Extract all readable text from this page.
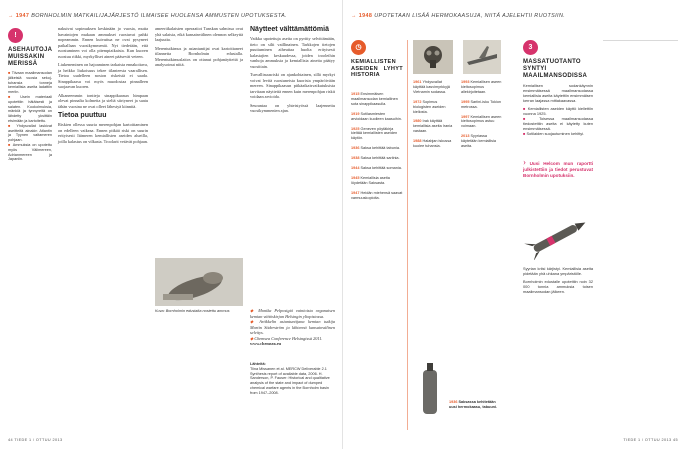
→ 1947 BORNHOLMIN MATKAILIJAJÄRJESTÖ ILMAISEE HUOLENSA AMMUSTEN UPOTUKSESTA.
!
ASEHAUTOJA MUISSAKIN MERISSÄ
■ Tiivaan maailmansodan jälkeisiä vuosia sekojtuhansia tonneja kemiallisia aseita ladattiin meriin.
■ Usein materiaali upotettiin hätäisesti ja salaten. Kookolmuksia, mänkiä ja tynnyreitä on lähdetty yksittäin etsimään ja kartoitettu.
■ Yhdysvallat laskivat aseitteitä ainakin Atlantin ja Tyynen valtameren pohjaan.
■ Ammuksia on upotettu myös Välimereen, Adrianmereen ja Japaniin.

nakuivat sopimuksen keskinään jo vuosia, mutta havaintojen mukaan ammukset ruostuvat pahki nopeammin. Ennen kuivuttua ne ovat pysyneet paikallaan vuosikymmeniä. Nyt tiedetään, että ruostuminen voi olla pitempiaikaista. Kun kuoren ruostuu riikki, myrkylliset aineet pääsevät veteen.

Liukeneminen on hajoaminen tarkaista ennakoitava, ja heikko liukoisuus tekee tilanteesta vaarallisen. Tietoa uudelleen noston riskeistä ei saada. Sinappikaasu voi myös muodostaa pinnalleen suojaavan kuoren.

Alkaneemmin tontteja sinappikaasun himpaan olevat pinnalta kolmetta ja sieltä siirtyneet ja saatu tähän vuosina ne ovat olleet lähestyä kiinnitä.

Tietoa puuttuu

Riskien ollessa suuria merenpohjan kartoittaminen on edelleen vaikeaa. Ennen pitkää riski on suurin erityisesti Itämeren kemiallisten aseiden alueilla, joilla kalastus on vilkasta. Troolarit vetävät pohjaan.

ameeriikalaisten operaatiot Tanskan salmissa ovat yhä salaisia, eikä kansainvälinen olennon selkeyttä laajuutta.

Merentutkimus ja asiantuntijat ovat kartoittaneet tilannetta Bornholmin edustalla. Merentutkimuslaitos on ottanut pohjanäytteitä ja analysoinut niitä.

Näytteet välttämättömiä

Vaikka upotettuja aseita on pyritty selvittämään, tieto on silti vaillinainen. Tarkkojen tietojen puuttuminen aiheuttaa huolta erityisesti kalastajien keskuudessa, joiden trooleihin vanhoja ammuksia ja kemiallisia aineita päätyy vuosittain.

Turvallisuusriski on ajankohtainen, sillä myrkyt voivat levitä ruostuneista kuorista ympäröivään mereen. Sinappikaasun pitkäaikaisvaikutuksista tarvitaan näytteitä ennen kuin merenpohjan riskit voidaan arvioida.

Seurantaa on yhteistyössä laajennettu vuosikymmenien ajan.

◆ Monika Pelposigiá vainioista organaisen kemian väitöskirjan Helsingin yliopistossa.
◆ Artikkelin asiantuntijana kemian tutkija Martin Söderström ja lähteenä kansainvälinen selvitys.
◆ Chemsea Conference Helsingissä 2011.
www.chemsea.eu
Lähteitä:
Tiina Missanen et al. MERCW Deliverable 2.1 Synthesis report of available data, 2006. H. Sanderson, P. Fauser: Historical and qualitative analysis of the state and impact of dumped chemical warfare agents in the Bornholm basin from 1947–2008.
Kuva: Bornholmin edustalta nostettu ammus
44 TIEDE 1 / OTTUU 2013
→ 1948 UPOTETAAN LISÄÄ HERMOKAASUJA, NIITÄ AJELEHTII RUOTSIIN.
◷
KEMIALLISTEN ASEIDEN LYHYT HISTORIA
1915 Ensimmäisen maailmansodan kemiallinen sota sinappikaasulla.
1919 Sotilasmiesten arvioidaan kuolleen kaasuihin.
1925 Geneven pöytäkirja kieltää kemiallisten aseiden käytön.
1936 Saksa kehittää tabunia.
1938 Saksa kehittää sariinia.
1944 Saksa kehittää somania.
1945 Kemiallisia aseita löydetään Saksasta.
1947 Heidän miehensä saavat varmuuskopioita.
1961 Yhdysvallat käyttää kasvimyrkkyjä Vietnamin sodassa.
1972 Sopimus biologisten aseiden kiellosta.
1980 Irak käyttää kemiallisia aseita Irania vastaan.
1988 Halabjan iskussa kuolee tuhansia.
1993 Kemiallisen aseen kieltosopimus allekirjoitetaan.
1995 Sariini-isku Tokion metrossa.
1997 Kemiallisen aseen kieltosopimus astuu voimaan.
2013 Syyriassa käytetään kemiallisia aseita.
1936 Saksassa kehitetään uusi hermokaasu, tabuuni.
3
MASSATUOTANTO SYNTYI MAAILMANSODISSA

Kemiallisen sodankäynnin ensimmäisessä maailmansodassa kemiallisia aseita käytettiin ensimmäisen kerran laajassa mittakaavassa.

■ Kemiallisten aseiden käyttö kiellettiin vuonna 1925.
■ Toisessa maailmansodassa tiedostettiin aseita ei käytetty kuten ensimmäisessä.
■ Sotilaiden suojautuminen kehittyi.
› Uusi Helcom mun raportti julkistettiin ja tiedot perustuvat Bornholmin upotuksiin.

Syyrian kriisi kärjistyi. Kemiallisia aseita pidetään yhä uhkana ympäristölle.

Bornholmin edustalle upotettiin noin 32 000 tonnia ammuksia toisen maailmansodan jälkeen.

TIEDE 1 / OTTUU 2013 45
